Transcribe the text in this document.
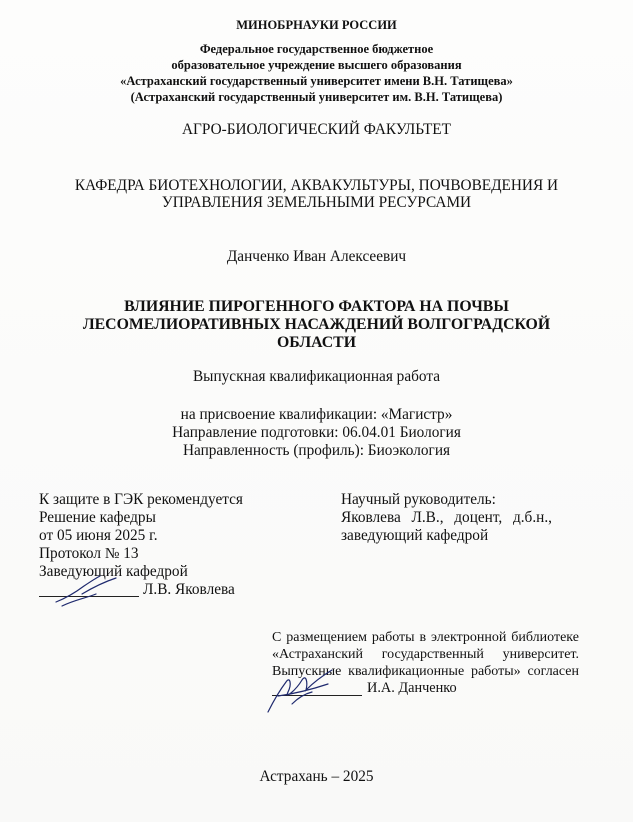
МИНОБРНАУКИ РОССИИ
Федеральное государственное бюджетное
образовательное учреждение высшего образования
«Астраханский государственный университет имени В.Н. Татищева»
(Астраханский государственный университет им. В.Н. Татищева)
АГРО-БИОЛОГИЧЕСКИЙ ФАКУЛЬТЕТ
КАФЕДРА БИОТЕХНОЛОГИИ, АКВАКУЛЬТУРЫ, ПОЧВОВЕДЕНИЯ И
УПРАВЛЕНИЯ ЗЕМЕЛЬНЫМИ РЕСУРСАМИ
Данченко Иван Алексеевич
ВЛИЯНИЕ ПИРОГЕННОГО ФАКТОРА НА ПОЧВЫ
ЛЕСОМЕЛИОРАТИВНЫХ НАСАЖДЕНИЙ ВОЛГОГРАДСКОЙ
ОБЛАСТИ
Выпускная квалификационная работа
на присвоение квалификации: «Магистр»
Направление подготовки: 06.04.01 Биология
Направленность (профиль): Биоэкология
К защите в ГЭК рекомендуется
Решение кафедры
от 05 июня 2025 г.
Протокол № 13
Заведующий кафедрой
Л.В. Яковлева
Научный руководитель:
Яковлева Л.В., доцент, д.б.н.,
заведующий кафедрой
С размещением работы в электронной библиотеке
«Астраханский государственный университет.
Выпускные квалификационные работы» согласен
И.А. Данченко
Астрахань – 2025
